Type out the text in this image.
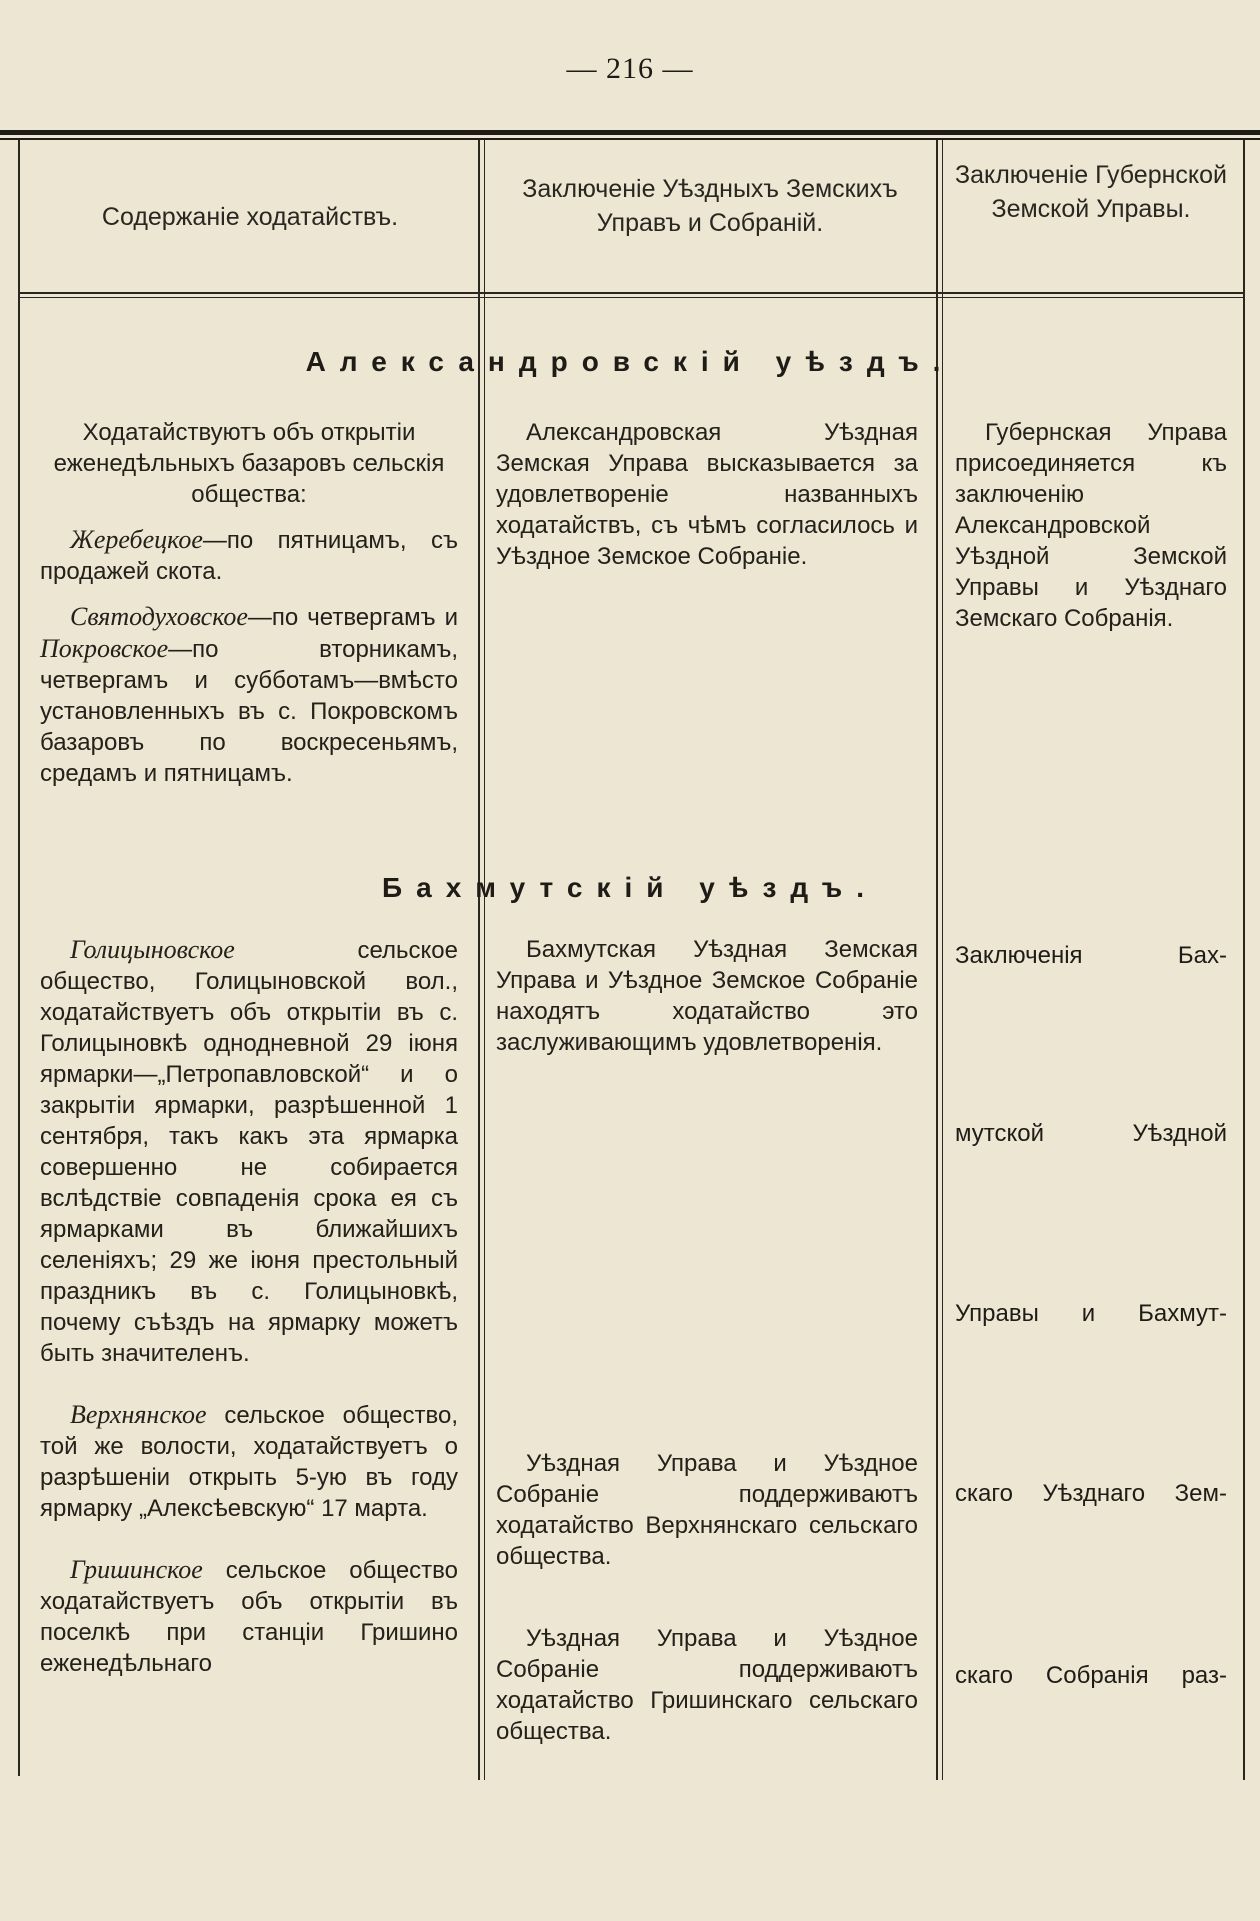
— 216 —
Содержаніе ходатайствъ.
Заключеніе Уѣздныхъ Земскихъ Управъ и Собраній.
Заключеніе Губернской Земской Управы.
Александровскій уѣздъ.

Ходатайствуютъ объ открытіи еженедѣльныхъ базаровъ сельскія общества:

Жеребецкое—по пятницамъ, съ продажей скота.

Святодуховское—по четвергамъ и Покровское—по вторникамъ, четвергамъ и субботамъ—вмѣсто установленныхъ въ с. Покровскомъ базаровъ по воскресеньямъ, средамъ и пятницамъ.

Александровская Уѣздная Земская Управа высказывается за удовлетвореніе названныхъ ходатайствъ, съ чѣмъ согласилось и Уѣздное Земское Собраніе.
Губернская Управа присоединяется къ заключенію Александровской Уѣздной Земской Управы и Уѣзднаго Земскаго Собранія.
Бахмутскій уѣздъ.

Голицыновское сельское общество, Голицыновской вол., ходатайствуетъ объ открытіи въ с. Голицыновкѣ однодневной 29 іюня ярмарки—„Петропавловской“ и о закрытіи ярмарки, разрѣшенной 1 сентября, такъ какъ эта ярмарка совершенно не собирается вслѣдствіе совпаденія срока ея съ ярмарками въ ближайшихъ селеніяхъ; 29 же іюня престольный праздникъ въ с. Голицыновкѣ, почему съѣздъ на ярмарку можетъ быть значителенъ.

Верхнянское сельское общество, той же волости, ходатайствуетъ о разрѣшеніи открыть 5-ую въ году ярмарку „Алексѣевскую“ 17 марта.

Гришинское сельское общество ходатайствуетъ объ открытіи въ поселкѣ при станціи Гришино еженедѣльнаго

Бахмутская Уѣздная Земская Управа и Уѣздное Земское Собраніе находятъ ходатайство это заслуживающимъ удовлетворенія.
Уѣздная Управа и Уѣздное Собраніе поддерживаютъ ходатайство Верхнянскаго сельскаго общества.
Уѣздная Управа и Уѣздное Собраніе поддерживаютъ ходатайство Гришинскаго сельскаго общества.
Заключенія Бах-
мутской Уѣздной
Управы и Бахмут-
скаго Уѣзднаго Зем-
скаго Собранія раз-
